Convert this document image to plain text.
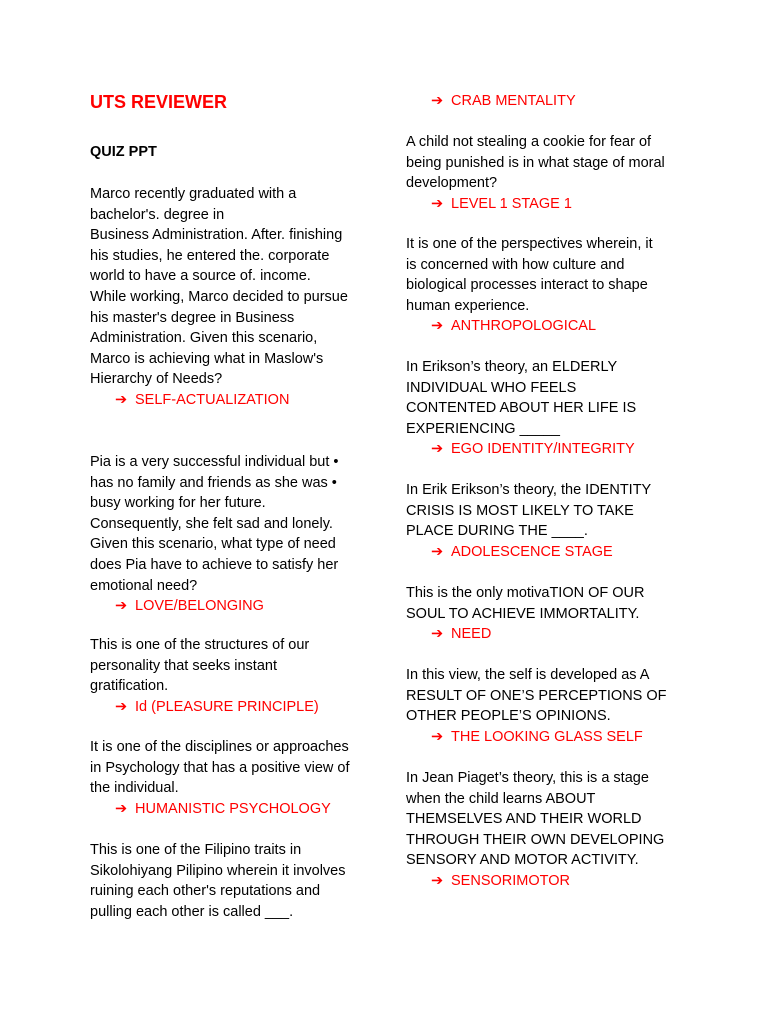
UTS REVIEWER
QUIZ PPT

Marco recently graduated with a
bachelor's. degree in
Business Administration. After. finishing
his studies, he entered the. corporate
world to have a source of. income.
While working, Marco decided to pursue
his master's degree in Business
Administration. Given this scenario,
Marco is achieving what in Maslow's
Hierarchy of Needs?

➔ SELF-ACTUALIZATION

Pia is a very successful individual but •
has no family and friends as she was •
busy working for her future.
Consequently, she felt sad and lonely.
Given this scenario, what type of need
does Pia have to achieve to satisfy her
emotional need?

➔ LOVE/BELONGING

This is one of the structures of our
personality that seeks instant
gratification.

➔ Id (PLEASURE PRINCIPLE)

It is one of the disciplines or approaches
in Psychology that has a positive view of
the individual.

➔ HUMANISTIC PSYCHOLOGY

This is one of the Filipino traits in
Sikolohiyang Pilipino wherein it involves
ruining each other's reputations and
pulling each other is called ___.

➔ CRAB MENTALITY

A child not stealing a cookie for fear of
being punished is in what stage of moral
development?

➔ LEVEL 1 STAGE 1

It is one of the perspectives wherein, it
is concerned with how culture and
biological processes interact to shape
human experience.

➔ ANTHROPOLOGICAL

In Erikson’s theory, an ELDERLY
INDIVIDUAL WHO FEELS
CONTENTED ABOUT HER LIFE IS
EXPERIENCING _____

➔ EGO IDENTITY/INTEGRITY

In Erik Erikson’s theory, the IDENTITY
CRISIS IS MOST LIKELY TO TAKE
PLACE DURING THE ____.

➔ ADOLESCENCE STAGE

This is the only motivaTION OF OUR
SOUL TO ACHIEVE IMMORTALITY.

➔ NEED

In this view, the self is developed as A
RESULT OF ONE’S PERCEPTIONS OF
OTHER PEOPLE’S OPINIONS.

➔ THE LOOKING GLASS SELF

In Jean Piaget’s theory, this is a stage
when the child learns ABOUT
THEMSELVES AND THEIR WORLD
THROUGH THEIR OWN DEVELOPING
SENSORY AND MOTOR ACTIVITY.

➔ SENSORIMOTOR
